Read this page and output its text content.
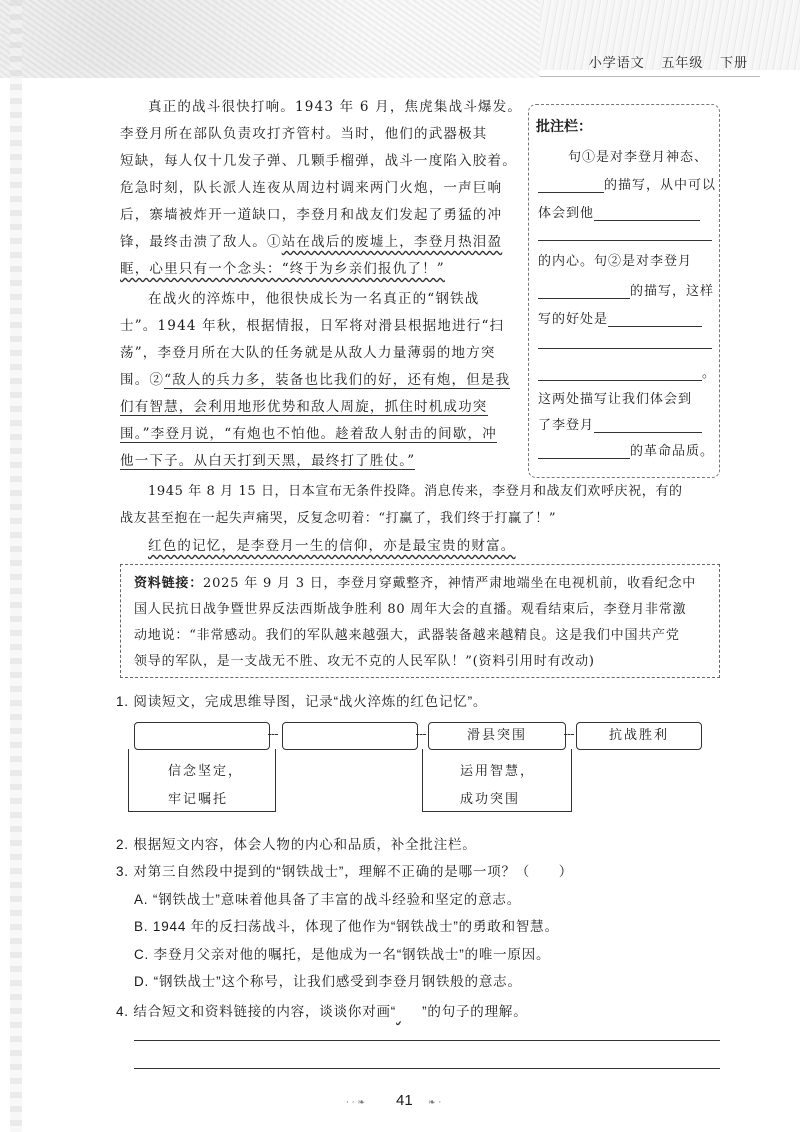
小学语文 五年级 下册
真正的战斗很快打响。1943 年 6 月，焦虎集战斗爆发。
李登月所在部队负责攻打齐管村。当时，他们的武器极其
短缺，每人仅十几发子弹、几颗手榴弹，战斗一度陷入胶着。
危急时刻，队长派人连夜从周边村调来两门火炮，一声巨响
后，寨墙被炸开一道缺口，李登月和战友们发起了勇猛的冲
锋，最终击溃了敌人。①站在战后的废墟上，李登月热泪盈
眶，心里只有一个念头：“终于为乡亲们报仇了！”
在战火的淬炼中，他很快成长为一名真正的“钢铁战
士”。1944 年秋，根据情报，日军将对滑县根据地进行“扫
荡”，李登月所在大队的任务就是从敌人力量薄弱的地方突
围。②“敌人的兵力多，装备也比我们的好，还有炮，但是我
们有智慧，会利用地形优势和敌人周旋，抓住时机成功突
围。”李登月说，“有炮也不怕他。趁着敌人射击的间歇，冲
他一下子。从白天打到天黑，最终打了胜仗。”
1945 年 8 月 15 日，日本宣布无条件投降。消息传来，李登月和战友们欢呼庆祝，有的
战友甚至抱在一起失声痛哭，反复念叨着：“打赢了，我们终于打赢了！”
红色的记忆，是李登月一生的信仰，亦是最宝贵的财富。
批注栏：
句①是对李登月神态、
的描写，从中可以
体会到他
的内心。句②是对李登月
的描写，这样
写的好处是
。
这两处描写让我们体会到
了李登月
的革命品质。
资料链接：2025 年 9 月 3 日，李登月穿戴整齐，神情严肃地端坐在电视机前，收看纪念中
国人民抗日战争暨世界反法西斯战争胜利 80 周年大会的直播。观看结束后，李登月非常激
动地说：“非常感动。我们的军队越来越强大，武器装备越来越精良。这是我们中国共产党
领导的军队，是一支战无不胜、攻无不克的人民军队！”(资料引用时有改动)
1. 阅读短文，完成思维导图，记录“战火淬炼的红色记忆”。
滑县突围	抗战胜利
信念坚定，
牢记嘱托
运用智慧，
成功突围
2. 根据短文内容，体会人物的内心和品质，补全批注栏。
3. 对第三自然段中提到的“钢铁战士”，理解不正确的是哪一项？（　　）
A. “钢铁战士”意味着他具备了丰富的战斗经验和坚定的意志。
B. 1944 年的反扫荡战斗，体现了他作为“钢铁战士”的勇敢和智慧。
C. 李登月父亲对他的嘱托，是他成为一名“钢铁战士”的唯一原因。
D. “钢铁战士”这个称号，让我们感受到李登月钢铁般的意志。
4. 结合短文和资料链接的内容，谈谈你对画“ ”的句子的理解。
· · ❧ 41 ❧ ·
